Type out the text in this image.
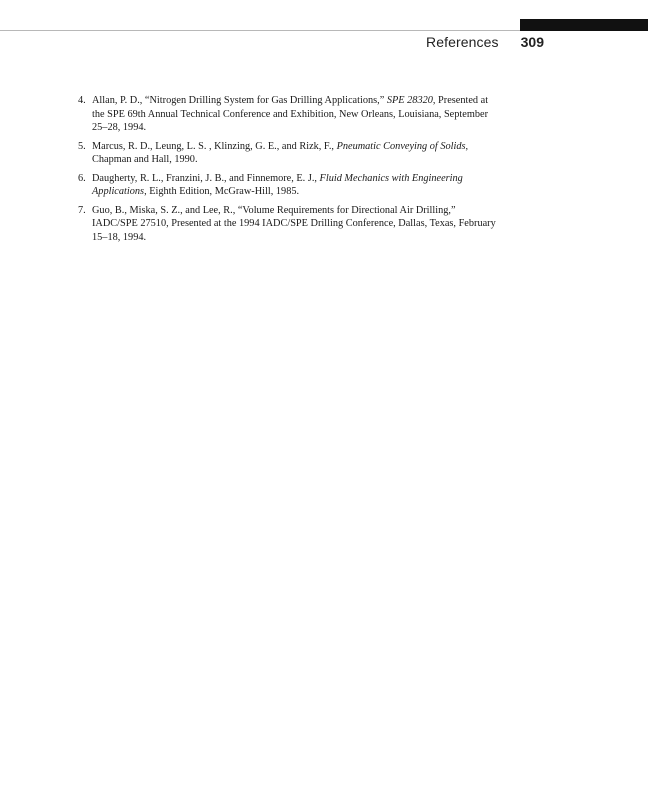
References 309
4. Allan, P. D., “Nitrogen Drilling System for Gas Drilling Applications,” SPE 28320, Presented at the SPE 69th Annual Technical Conference and Exhibition, New Orleans, Louisiana, September 25–28, 1994.
5. Marcus, R. D., Leung, L. S. , Klinzing, G. E., and Rizk, F., Pneumatic Conveying of Solids, Chapman and Hall, 1990.
6. Daugherty, R. L., Franzini, J. B., and Finnemore, E. J., Fluid Mechanics with Engineering Applications, Eighth Edition, McGraw-Hill, 1985.
7. Guo, B., Miska, S. Z., and Lee, R., “Volume Requirements for Directional Air Drilling,” IADC/SPE 27510, Presented at the 1994 IADC/SPE Drilling Conference, Dallas, Texas, February 15–18, 1994.
